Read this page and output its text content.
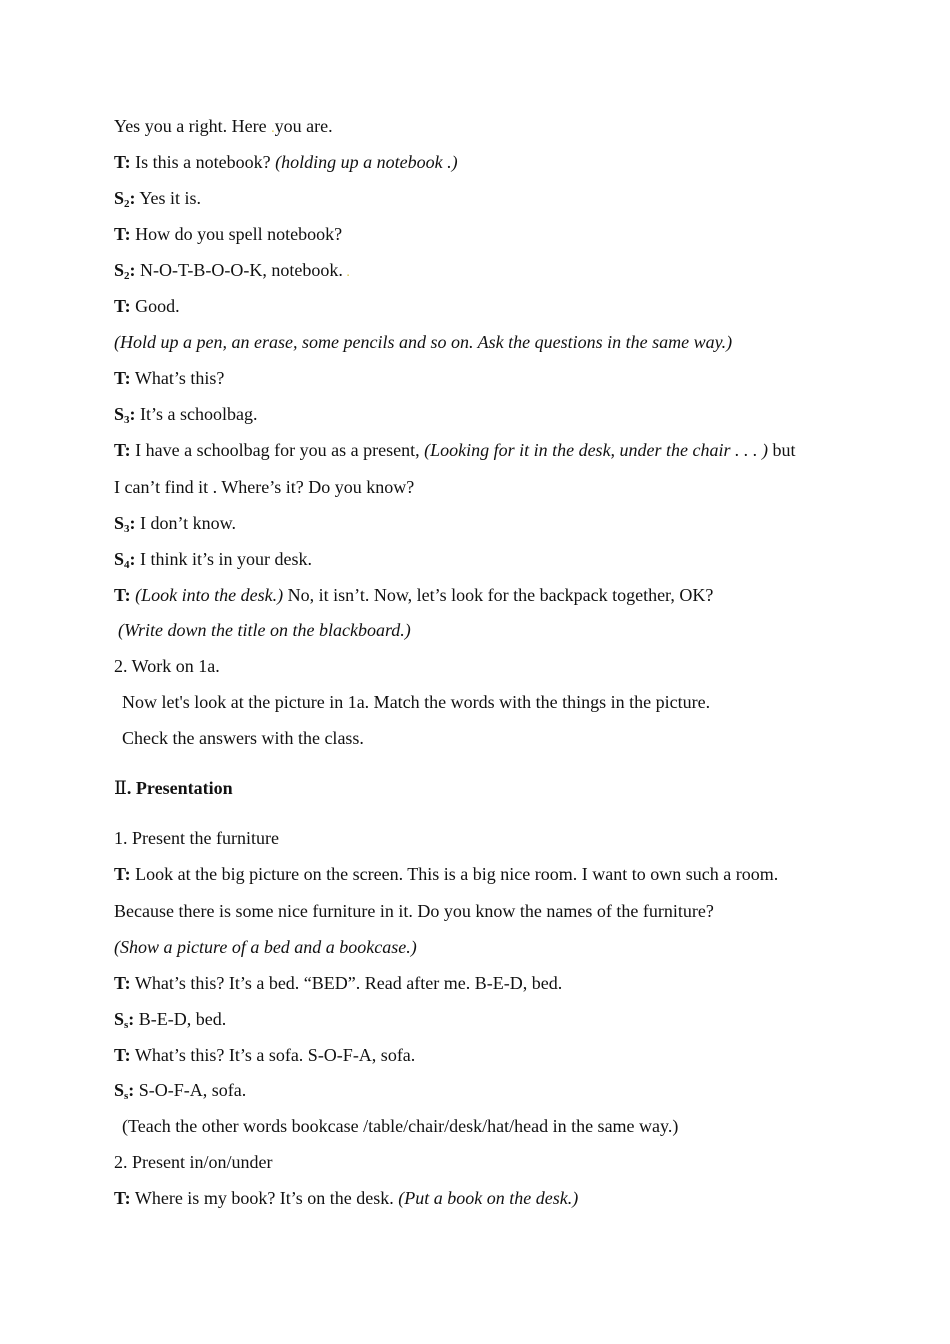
Yes you a right. Here .you are.
T: Is this a notebook? (holding up a notebook .)
$S_2$: Yes it is.
T: How do you spell notebook?
$S_2$: N-O-T-B-O-O-K, notebook. .
T: Good.
(Hold up a pen, an erase, some pencils and so on. Ask the questions in the same way.)
T: What’s this?
$S_3$: It’s a schoolbag.
T: I have a schoolbag for you as a present, (Looking for it in the desk, under the chair . . . ) but
I can’t find it . Where’s it? Do you know?
$S_3$: I don’t know.
$S_4$: I think it’s in your desk.
T: (Look into the desk.) No, it isn’t. Now, let’s look for the backpack together, OK?
(Write down the title on the blackboard.)
2. Work on 1a.
Now let's look at the picture in 1a. Match the words with the things in the picture.
Check the answers with the class.
Ⅱ. Presentation
1. Present the furniture
T: Look at the big picture on the screen. This is a big nice room. I want to own such a room.
Because there is some nice furniture in it. Do you know the names of the furniture?
(Show a picture of a bed and a bookcase.)
T: What’s this? It’s a bed. “BED”. Read after me. B-E-D, bed.
$S_s$: B-E-D, bed.
T: What’s this? It’s a sofa. S-O-F-A, sofa.
$S_s$: S-O-F-A, sofa.
(Teach the other words bookcase /table/chair/desk/hat/head in the same way.)
2. Present in/on/under
T: Where is my book? It’s on the desk. (Put a book on the desk.)
